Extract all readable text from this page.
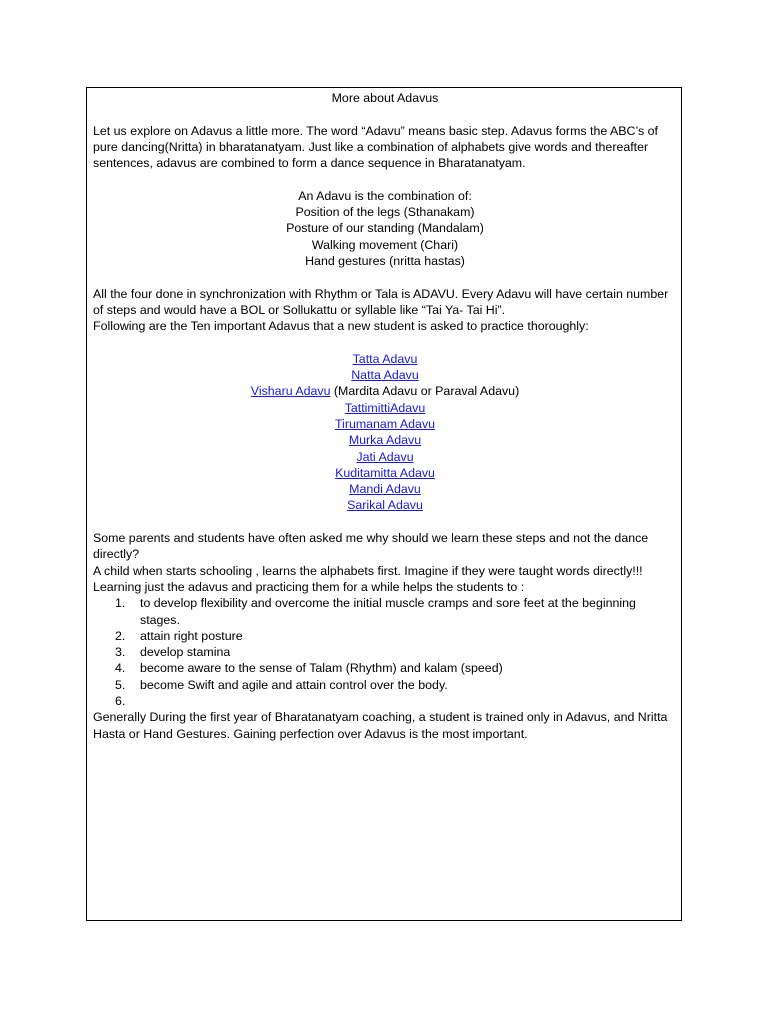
More about Adavus

Let us explore on Adavus a little more. The word “Adavu” means basic step. Adavus forms the ABC’s of pure dancing(Nritta) in bharatanatyam. Just like a combination of alphabets give words and thereafter sentences, adavus are combined to form a dance sequence in Bharatanatyam.

An Adavu is the combination of:
Position of the legs (Sthanakam)
Posture of our standing (Mandalam)
Walking movement (Chari)
Hand gestures (nritta hastas)

All the four done in synchronization with Rhythm or Tala is ADAVU. Every Adavu will have certain number of steps and would have a BOL or Sollukattu or syllable like “Tai Ya- Tai Hi”.

Following are the Ten important Adavus that a new student is asked to practice thoroughly:

Tatta Adavu
Natta Adavu
Visharu Adavu (Mardita Adavu or Paraval Adavu)
TattimittiAdavu
Tirumanam Adavu
Murka Adavu
Jati Adavu
Kuditamitta Adavu
Mandi Adavu
Sarikal Adavu

Some parents and students have often asked me why should we learn these steps and not the dance directly?

A child when starts schooling , learns the alphabets first. Imagine if they were taught words directly!!!

Learning just the adavus and practicing them for a while helps the students to :

1. to develop flexibility and overcome the initial muscle cramps and sore feet at the beginning stages.
2. attain right posture
3. develop stamina
4. become aware to the sense of Talam (Rhythm) and kalam (speed)
5. become Swift and agile and attain control over the body.
6.

Generally During the first year of Bharatanatyam coaching, a student is trained only in Adavus, and Nritta Hasta or Hand Gestures. Gaining perfection over Adavus is the most important.
